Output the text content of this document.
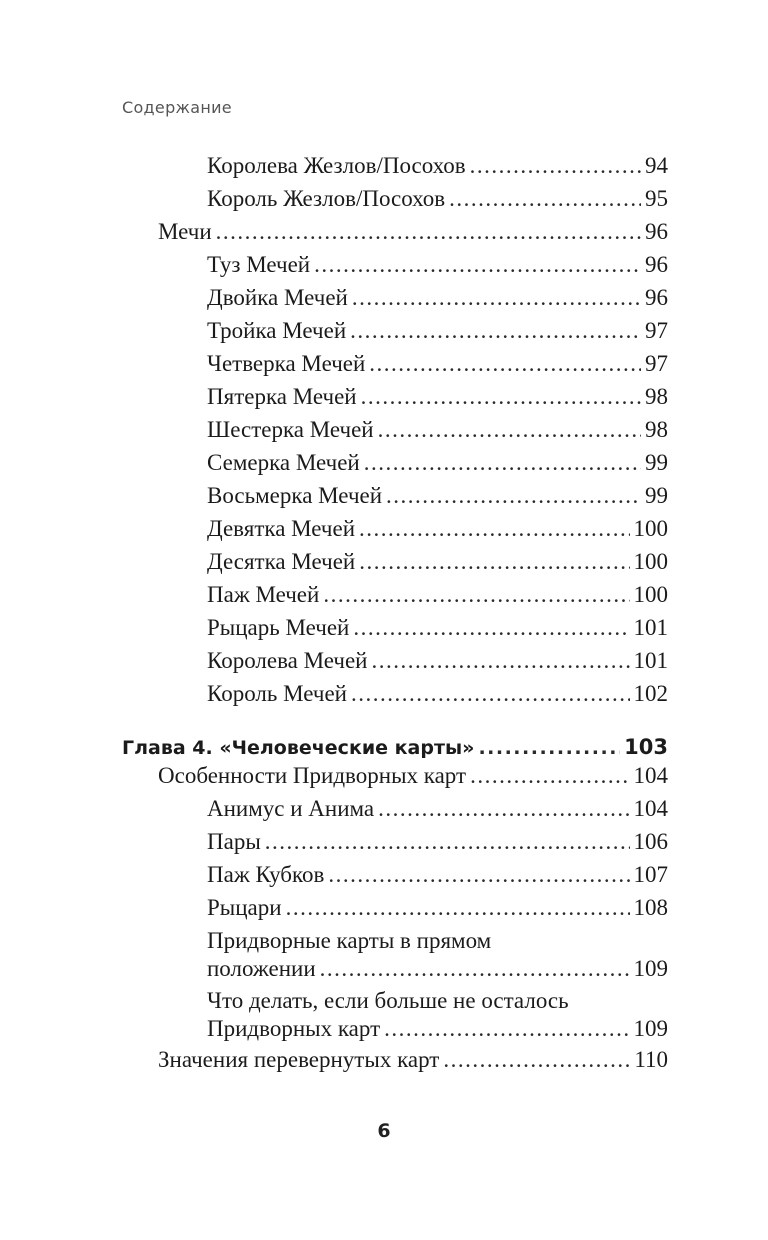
Содержание
Королева Жезлов/Посохов .....	94
Король Жезлов/Посохов .....	95
Мечи .....	96
Туз Мечей .....	96
Двойка Мечей .....	96
Тройка Мечей .....	97
Четверка Мечей .....	97
Пятерка Мечей .....	98
Шестерка Мечей .....	98
Семерка Мечей .....	99
Восьмерка Мечей .....	99
Девятка Мечей .....	100
Десятка Мечей .....	100
Паж Мечей .....	100
Рыцарь Мечей .....	101
Королева Мечей .....	101
Король Мечей .....	102
Глава 4. «Человеческие карты» .....	103
Особенности Придворных карт .....	104
Анимус и Анима .....	104
Пары .....	106
Паж Кубков .....	107
Рыцари .....	108
Придворные карты в прямом
положении .....	109
Что делать, если больше не осталось
Придворных карт .....	109
Значения перевернутых карт .....	110
6
